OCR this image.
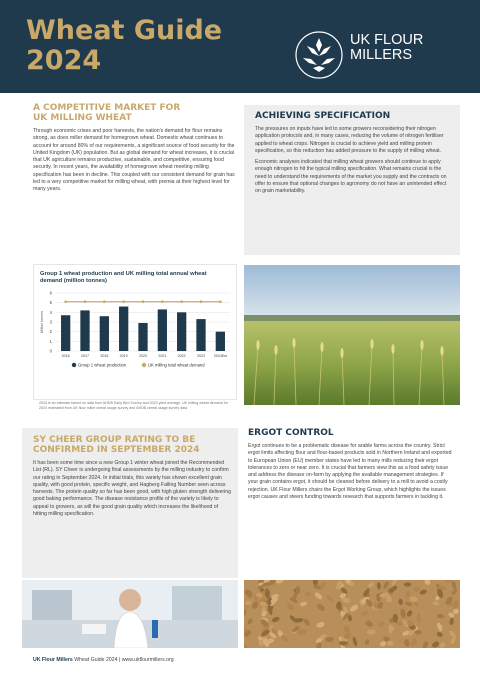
Wheat Guide
2024
UK FLOUR
MILLERS
A COMPETITIVE MARKET FOR
UK MILLING WHEAT

Through economic crises and poor harvests, the nation's demand for flour remains strong, as does miller demand for homegrown wheat. Domestic wheat continues to account for around 80% of our requirements, a significant source of food security for the United Kingdom (UK) population. But as global demand for wheat increases, it is crucial that UK agriculture remains productive, sustainable, and competitive, ensuring food security. In recent years, the availability of homegrown wheat meeting milling specification has been in decline. This coupled with our consistent demand for grain has led to a very competitive market for milling wheat, with premia at their highest level for many years.

ACHIEVING SPECIFICATION

The pressures on inputs have led to some growers reconsidering their nitrogen application protocols and, in many cases, reducing the volume of nitrogen fertiliser applied to wheat crops. Nitrogen is crucial to achieve yield and milling protein specification, so this reduction has added pressure to the supply of milling wheat.

Economic analyses indicated that milling wheat growers should continue to apply enough nitrogen to hit the typical milling specification. What remains crucial is the need to understand the requirements of the market you supply and the contracts on offer to ensure that optional changes to agronomy do not have an unintended effect on grain marketability.

Group 1 wheat production and UK milling total annual wheat demand (million tonnes)
0
1
2
3
4
5
6
Million tonnes
2016	2017	2018	2019	2020	2021	2022	2023 2024Est
Group 1 wheat production	UK milling total wheat demand
2024 is an estimate based on data from AHDB Early Bird Survey and 2023 yield average. UK milling wheat demand for 2024 estimated from UK flour miller wheat usage survey and AHDB cereal usage survey data
SY CHEER GROUP RATING TO BE
CONFIRMED IN SEPTEMBER 2024

It has been some time since a new Group 1 winter wheat joined the Recommended List (RL). SY Cheer is undergoing final assessments by the milling industry to confirm our rating in September 2024. In initial trials, this variety has shown excellent grain quality, with good protein, specific weight, and Hagberg Falling Number seen across harvests. The protein quality so far has been good, with high gluten strength delivering good baking performance. The disease resistance profile of the variety is likely to appeal to growers, as will the good grain quality which increases the likelihood of hitting milling specification.

ERGOT CONTROL

Ergot continues to be a problematic disease for arable farms across the country. Strict ergot limits affecting flour and flour-based products sold in Northern Ireland and exported to European Union (EU) member states have led to many mills reducing their ergot tolerances to zero or near zero. It is crucial that farmers view this as a food safety issue and address the disease on-farm by applying the available management strategies. If your grain contains ergot, it should be cleaned before delivery to a mill to avoid a costly rejection. UK Flour Millers chairs the Ergot Working Group, which highlights the issues ergot causes and steers funding towards research that supports farmers in tackling it.

UK Flour Millers Wheat Guide 2024 | www.ukflourmillers.org
